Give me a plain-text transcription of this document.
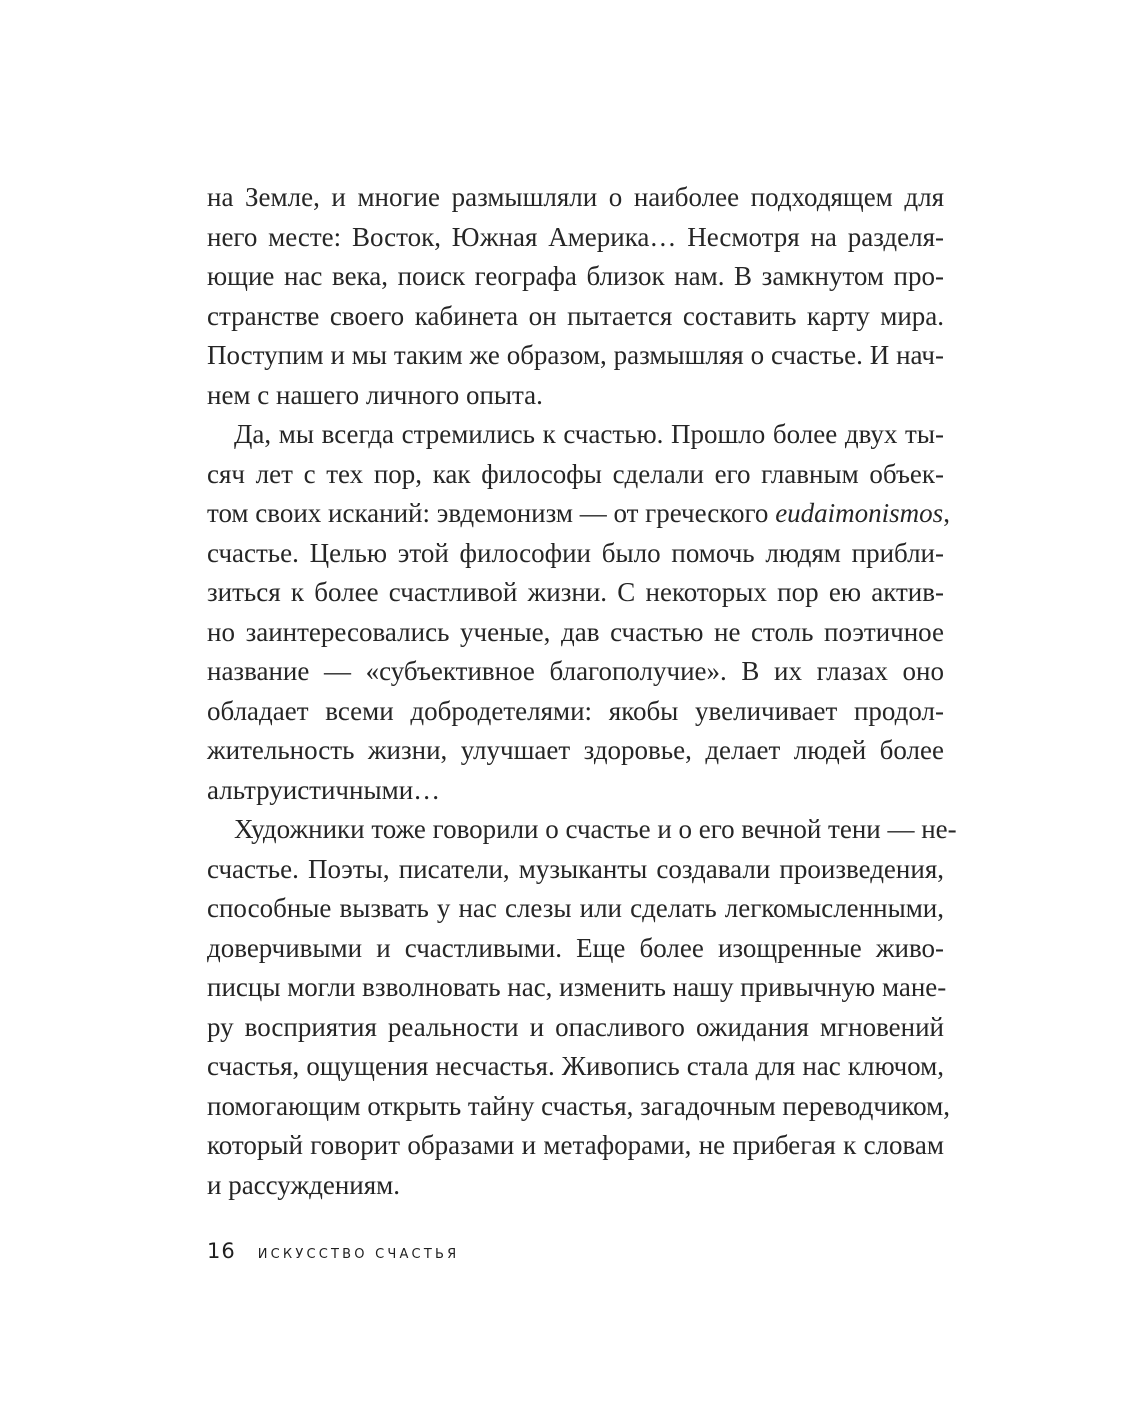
на Земле, и многие размышляли о наиболее подходящем для
него месте: Восток, Южная Америка… Несмотря на разделя-
ющие нас века, поиск географа близок нам. В замкнутом про-
странстве своего кабинета он пытается составить карту мира.
Поступим и мы таким же образом, размышляя о счастье. И нач-
нем с нашего личного опыта.
Да, мы всегда стремились к счастью. Прошло более двух ты-
сяч лет с тех пор, как философы сделали его главным объек-
том своих исканий: эвдемонизм — от греческого eudaimonismos,
счастье. Целью этой философии было помочь людям прибли-
зиться к более счастливой жизни. С некоторых пор ею актив-
но заинтересовались ученые, дав счастью не столь поэтичное
название — «субъективное благополучие». В их глазах оно
обладает всеми добродетелями: якобы увеличивает продол-
жительность жизни, улучшает здоровье, делает людей более
альтруистичными…
Художники тоже говорили о счастье и о его вечной тени — не-
счастье. Поэты, писатели, музыканты создавали произведения,
способные вызвать у нас слезы или сделать легкомысленными,
доверчивыми и счастливыми. Еще более изощренные живо-
писцы могли взволновать нас, изменить нашу привычную мане-
ру восприятия реальности и опасливого ожидания мгновений
счастья, ощущения несчастья. Живопись стала для нас ключом,
помогающим открыть тайну счастья, загадочным переводчиком,
который говорит образами и метафорами, не прибегая к словам
и рассуждениям.
16 ИСКУССТВО СЧАСТЬЯ
